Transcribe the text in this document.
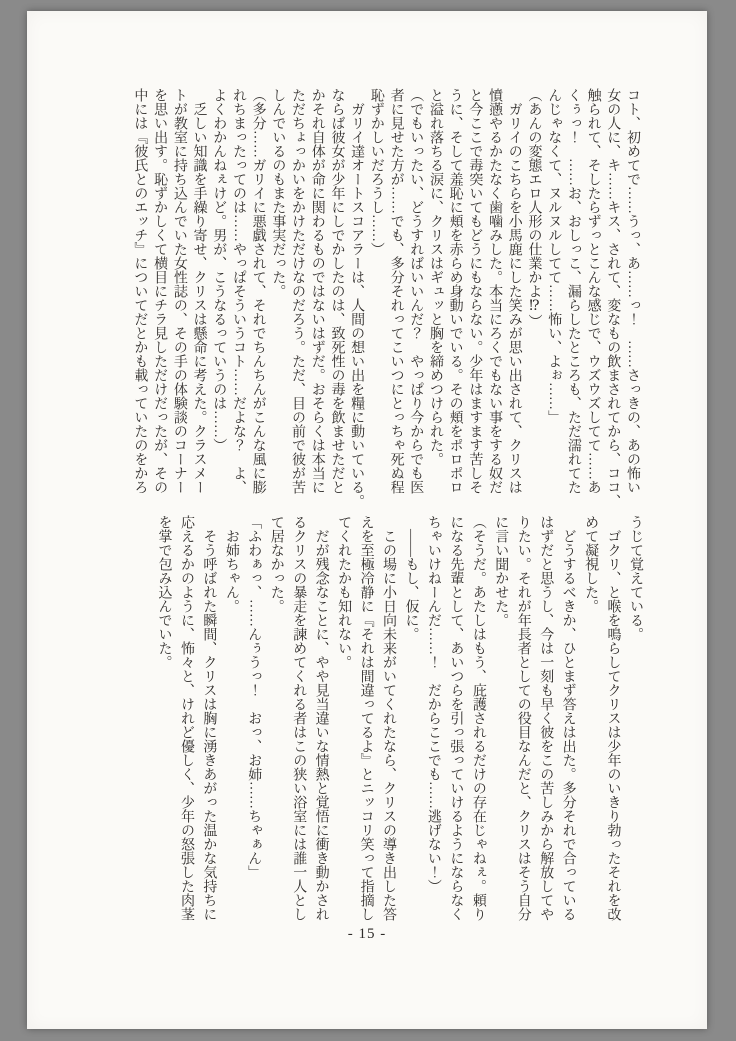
コト、初めてで……うっ、あ……っ！　……さっきの、あの怖い
女の人に、キ……キス、されて、変なもの飲まされてから、ココ、
触られて、そしたらずっとこんな感じで、ウズウズしてて……あ
くぅっ！　……お、おしっこ、漏らしたところも、ただ濡れてた
んじゃなくて、ヌルヌルしてて……怖い、よぉ……」
（あんの変態エロ人形の仕業かよ⁉）
　ガリイのこちらを小馬鹿にした笑みが思い出されて、クリスは
憤懣やるかたなく歯噛みした。本当にろくでもない事をする奴だ
と今ここで毒突いてもどうにもならない。少年はますます苦しそ
うに、そして羞恥に頬を赤らめ身動いでいる。その頬をポロポロ
と溢れ落ちる涙に、クリスはギュッと胸を締めつけられた。
（でもいったい、どうすればいいんだ？　やっぱり今からでも医
者に見せた方が……でも、多分それってこいつにとっちゃ死ぬ程
恥ずかしいだろうし……）
　ガリイ達オートスコアラーは、人間の想い出を糧に動いている。
ならば彼女が少年にしでかしたのは、致死性の毒を飲ませただと
かそれ自体が命に関わるものではないはずだ。おそらくは本当に
ただちょっかいをかけただけなのだろう。ただ、目の前で彼が苦
しんでいるのもまた事実だった。
（多分……ガリイに悪戯されて、それでちんちんがこんな風に膨
れちまったってのは……やっぱそういうコト……だよな？　よ、
よくわかんねぇけど。男が、こうなるっていうのは……）
　乏しい知識を手繰り寄せ、クリスは懸命に考えた。クラスメー
トが教室に持ち込んでいた女性誌の、その手の体験談のコーナー
を思い出す。恥ずかしくて横目にチラ見しただけだったが、その
中には『彼氏とのエッチ』についてだとかも載っていたのをかろ
うじて覚えている。
　ゴクリ、と喉を鳴らしてクリスは少年のいきり勃ったそれを改
めて凝視した。
　どうするべきか、ひとまず答えは出た。多分それで合っている
はずだと思うし、今は一刻も早く彼をこの苦しみから解放してや
りたい。それが年長者としての役目なんだと、クリスはそう自分
に言い聞かせた。
（そうだ。あたしはもう、庇護されるだけの存在じゃねぇ。頼り
になる先輩として、あいつらを引っ張っていけるようにならなく
ちゃいけねーんだ……！　だからここでも……逃げない！）
　――もし、仮に。
　この場に小日向未来がいてくれたなら、クリスの導き出した答
えを至極冷静に『それは間違ってるよ』とニッコリ笑って指摘し
てくれたかも知れない。
　だが残念なことに、やや見当違いな情熱と覚悟に衝き動かされ
るクリスの暴走を諫めてくれる者はこの狭い浴室には誰一人とし
て居なかった。
「ふわぁっ、……んぅうっ！　おっ、お姉……ちゃぁん」
　お姉ちゃん。
　そう呼ばれた瞬間、クリスは胸に湧きあがった温かな気持ちに
応えるかのように、怖々と、けれど優しく、少年の怒張した肉茎
を掌で包み込んでいた。
- 15 -
